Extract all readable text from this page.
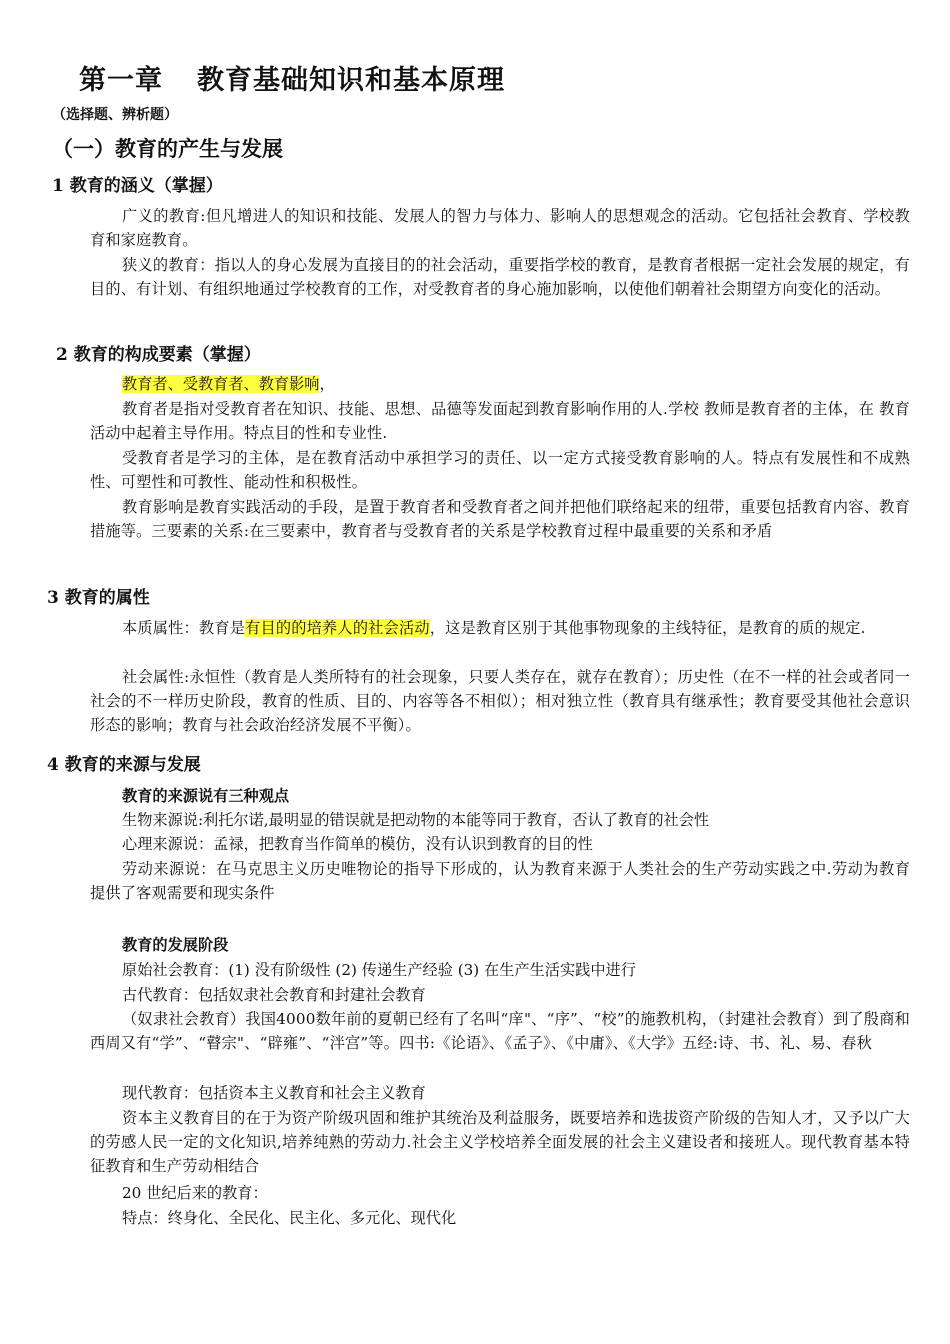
第一章 教育基础知识和基本原理
（选择题、辨析题）
（一）教育的产生与发展
1 教育的涵义（掌握）
广义的教育:但凡增进人的知识和技能、发展人的智力与体力、影响人的思想观念的活动。它包括社会教育、学校教育和家庭教育。
狭义的教育：指以人的身心发展为直接目的的社会活动，重要指学校的教育，是教育者根据一定社会发展的规定，有目的、有计划、有组织地通过学校教育的工作，对受教育者的身心施加影响，以使他们朝着社会期望方向变化的活动。
2 教育的构成要素（掌握）
教育者、受教育者、教育影响，
教育者是指对受教育者在知识、技能、思想、品德等发面起到教育影响作用的人.学校 教师是教育者的主体，在 教育活动中起着主导作用。特点目的性和专业性.
受教育者是学习的主体，是在教育活动中承担学习的责任、以一定方式接受教育影响的人。特点有发展性和不成熟性、可塑性和可教性、能动性和积极性。
教育影响是教育实践活动的手段，是置于教育者和受教育者之间并把他们联络起来的纽带，重要包括教育内容、教育措施等。三要素的关系:在三要素中，教育者与受教育者的关系是学校教育过程中最重要的关系和矛盾
3 教育的属性
本质属性：教育是有目的的培养人的社会活动，这是教育区别于其他事物现象的主线特征，是教育的质的规定.
社会属性:永恒性（教育是人类所特有的社会现象，只要人类存在，就存在教育）；历史性（在不一样的社会或者同一社会的不一样历史阶段，教育的性质、目的、内容等各不相似）；相对独立性（教育具有继承性；教育要受其他社会意识形态的影响；教育与社会政治经济发展不平衡）。
4 教育的来源与发展
教育的来源说有三种观点
生物来源说:利托尔诺,最明显的错误就是把动物的本能等同于教育，否认了教育的社会性
心理来源说：孟禄，把教育当作简单的模仿，没有认识到教育的目的性
劳动来源说：在马克思主义历史唯物论的指导下形成的，认为教育来源于人类社会的生产劳动实践之中.劳动为教育提供了客观需要和现实条件
教育的发展阶段
原始社会教育：(1) 没有阶级性 (2) 传递生产经验 (3) 在生产生活实践中进行
古代教育：包括奴隶社会教育和封建社会教育
（奴隶社会教育）我国4000数年前的夏朝已经有了名叫“庠"、“序”、“校”的施教机构，（封建社会教育）到了殷商和西周又有“学”、“瞽宗"、“辟雍”、“泮宫”等。四书:《论语》、《孟子》、《中庸》、《大学》五经:诗、书、礼、易、春秋
现代教育：包括资本主义教育和社会主义教育
资本主义教育目的在于为资产阶级巩固和维护其统治及利益服务，既要培养和选拔资产阶级的告知人才，又予以广大的劳感人民一定的文化知识,培养纯熟的劳动力.社会主义学校培养全面发展的社会主义建设者和接班人。现代教育基本特征教育和生产劳动相结合
20 世纪后来的教育：
特点：终身化、全民化、民主化、多元化、现代化
